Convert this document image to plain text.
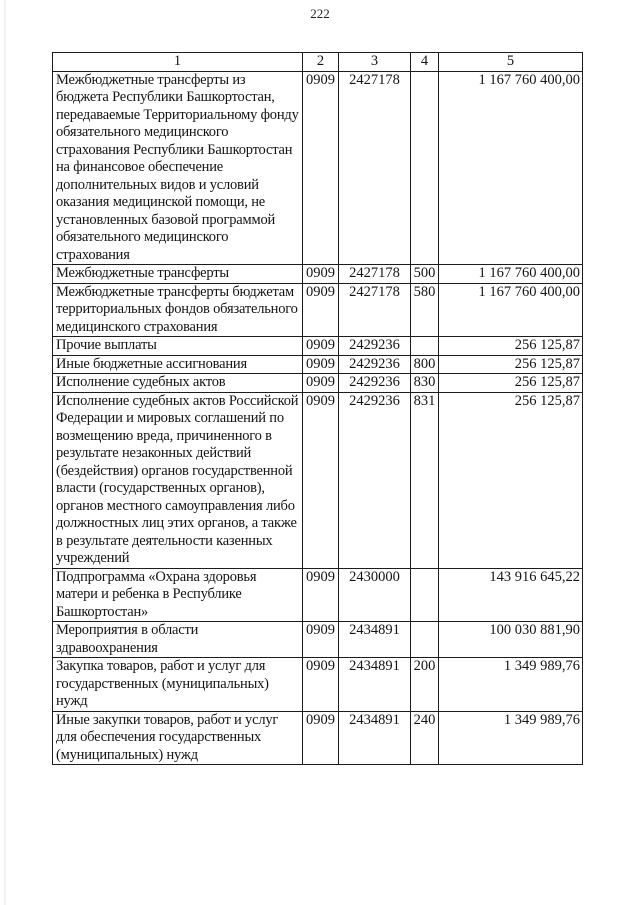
222
1	2	3	4	5
Межбюджетные трансферты из бюджета Республики Башкортостан, передаваемые Территориальному фонду обязательного медицинского страхования Республики Башкортостан на финансовое обеспечение дополнительных видов и условий оказания медицинской помощи, не установленных базовой программой обязательного медицинского страхования	0909	2427178		1 167 760 400,00
Межбюджетные трансферты	0909	2427178	500	1 167 760 400,00
Межбюджетные трансферты бюджетам территориальных фондов обязательного медицинского страхования	0909	2427178	580	1 167 760 400,00
Прочие выплаты	0909	2429236		256 125,87
Иные бюджетные ассигнования	0909	2429236	800	256 125,87
Исполнение судебных актов	0909	2429236	830	256 125,87
Исполнение судебных актов Российской Федерации и мировых соглашений по возмещению вреда, причиненного в результате незаконных действий (бездействия) органов государственной власти (государственных органов), органов местного самоуправления либо должностных лиц этих органов, а также в результате деятельности казенных учреждений	0909	2429236	831	256 125,87
Подпрограмма «Охрана здоровья матери и ребенка в Республике Башкортостан»	0909	2430000		143 916 645,22
Мероприятия в области здравоохранения	0909	2434891		100 030 881,90
Закупка товаров, работ и услуг для государственных (муниципальных) нужд	0909	2434891	200	1 349 989,76
Иные закупки товаров, работ и услуг для обеспечения государственных (муниципальных) нужд	0909	2434891	240	1 349 989,76
